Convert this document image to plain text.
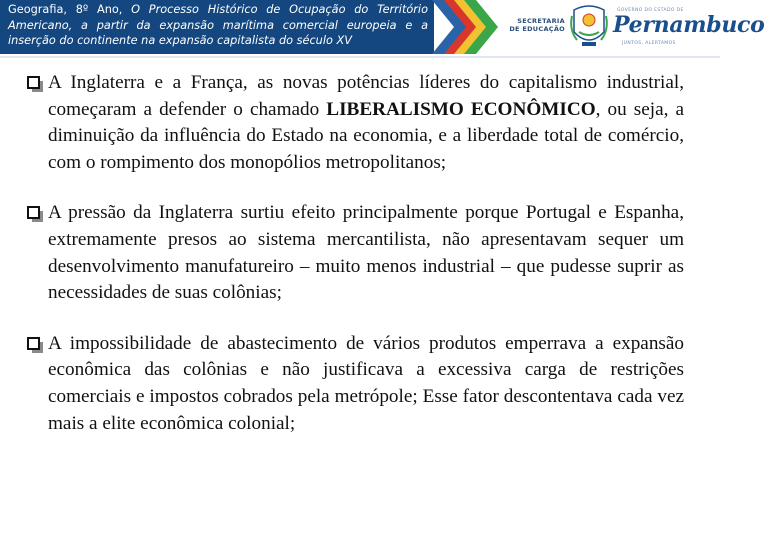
Geografia, 8º Ano, O Processo Histórico de Ocupação do Território Americano, a partir da expansão marítima comercial europeia e a inserção do continente na expansão capitalista do século XV
SECRETARIA
DE EDUCAÇÃO
GOVERNO DO ESTADO DE
Pernambuco
JUNTOS, ALERTAMOS
A Inglaterra e a França, as novas potências líderes do capitalismo industrial, começaram a defender o chamado LIBERALISMO ECONÔMICO, ou seja, a diminuição da influência do Estado na economia, e a liberdade total de comércio, com o rompimento dos monopólios metropolitanos;
A pressão da Inglaterra surtiu efeito principalmente porque Portugal e Espanha, extremamente presos ao sistema mercantilista, não apresentavam sequer um desenvolvimento manufatureiro – muito menos industrial – que pudesse suprir as necessidades de suas colônias;
A impossibilidade de abastecimento de vários produtos emperrava a expansão econômica das colônias e não justificava a excessiva carga de restrições comerciais e impostos cobrados pela metrópole; Esse fator descontentava cada vez mais a elite econômica colonial;
